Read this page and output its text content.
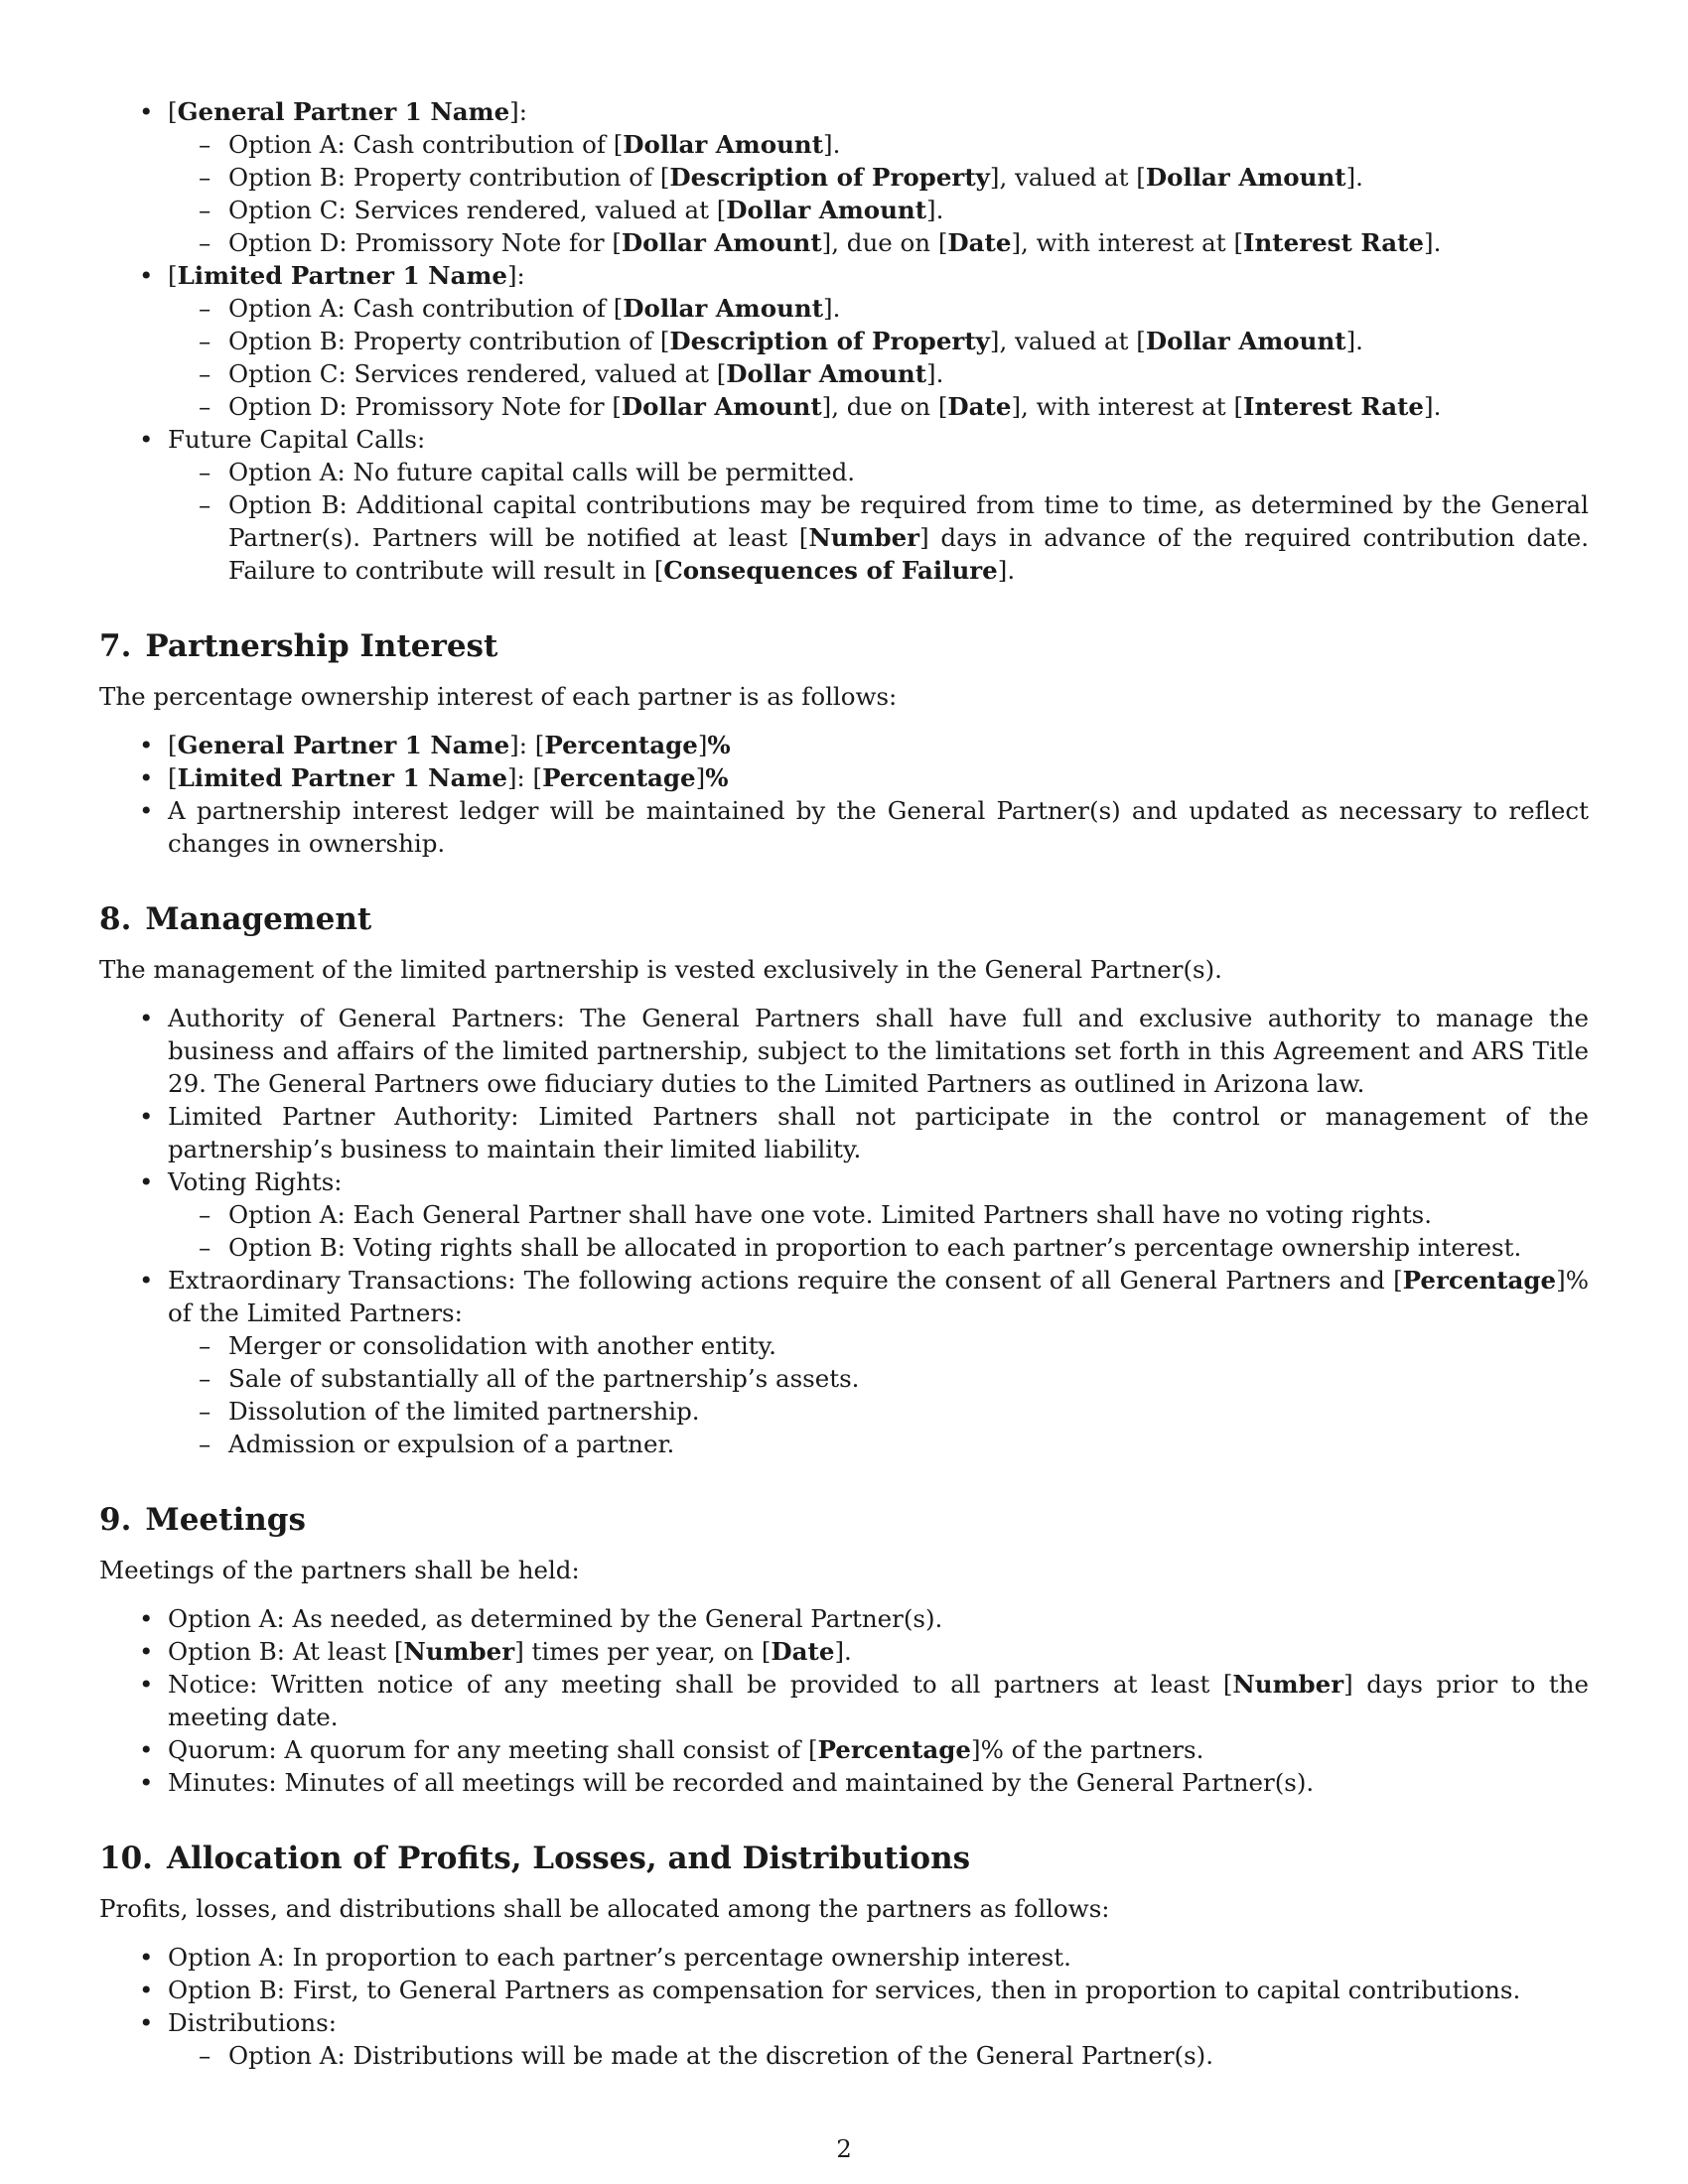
• [General Partner 1 Name]:
– Option A: Cash contribution of [Dollar Amount].
– Option B: Property contribution of [Description of Property], valued at [Dollar Amount].
– Option C: Services rendered, valued at [Dollar Amount].
– Option D: Promissory Note for [Dollar Amount], due on [Date], with interest at [Interest Rate].
• [Limited Partner 1 Name]:
– Option A: Cash contribution of [Dollar Amount].
– Option B: Property contribution of [Description of Property], valued at [Dollar Amount].
– Option C: Services rendered, valued at [Dollar Amount].
– Option D: Promissory Note for [Dollar Amount], due on [Date], with interest at [Interest Rate].
• Future Capital Calls:
– Option A: No future capital calls will be permitted.
– Option B: Additional capital contributions may be required from time to time, as determined by the General Partner(s). Partners will be notified at least [Number] days in advance of the required contribution date. Failure to contribute will result in [Consequences of Failure].
7. Partnership Interest

The percentage ownership interest of each partner is as follows:

• [General Partner 1 Name]: [Percentage]%
• [Limited Partner 1 Name]: [Percentage]%
• A partnership interest ledger will be maintained by the General Partner(s) and updated as necessary to reflect changes in ownership.
8. Management

The management of the limited partnership is vested exclusively in the General Partner(s).

• Authority of General Partners: The General Partners shall have full and exclusive authority to manage the business and affairs of the limited partnership, subject to the limitations set forth in this Agreement and ARS Title 29. The General Partners owe fiduciary duties to the Limited Partners as outlined in Arizona law.
• Limited Partner Authority: Limited Partners shall not participate in the control or management of the partnership’s business to maintain their limited liability.
• Voting Rights:
– Option A: Each General Partner shall have one vote. Limited Partners shall have no voting rights.
– Option B: Voting rights shall be allocated in proportion to each partner’s percentage ownership interest.
• Extraordinary Transactions: The following actions require the consent of all General Partners and [Percentage]% of the Limited Partners:
– Merger or consolidation with another entity.
– Sale of substantially all of the partnership’s assets.
– Dissolution of the limited partnership.
– Admission or expulsion of a partner.
9. Meetings

Meetings of the partners shall be held:

• Option A: As needed, as determined by the General Partner(s).
• Option B: At least [Number] times per year, on [Date].
• Notice: Written notice of any meeting shall be provided to all partners at least [Number] days prior to the meeting date.
• Quorum: A quorum for any meeting shall consist of [Percentage]% of the partners.
• Minutes: Minutes of all meetings will be recorded and maintained by the General Partner(s).
10. Allocation of Profits, Losses, and Distributions

Profits, losses, and distributions shall be allocated among the partners as follows:

• Option A: In proportion to each partner’s percentage ownership interest.
• Option B: First, to General Partners as compensation for services, then in proportion to capital contributions.
• Distributions:
– Option A: Distributions will be made at the discretion of the General Partner(s).
2
